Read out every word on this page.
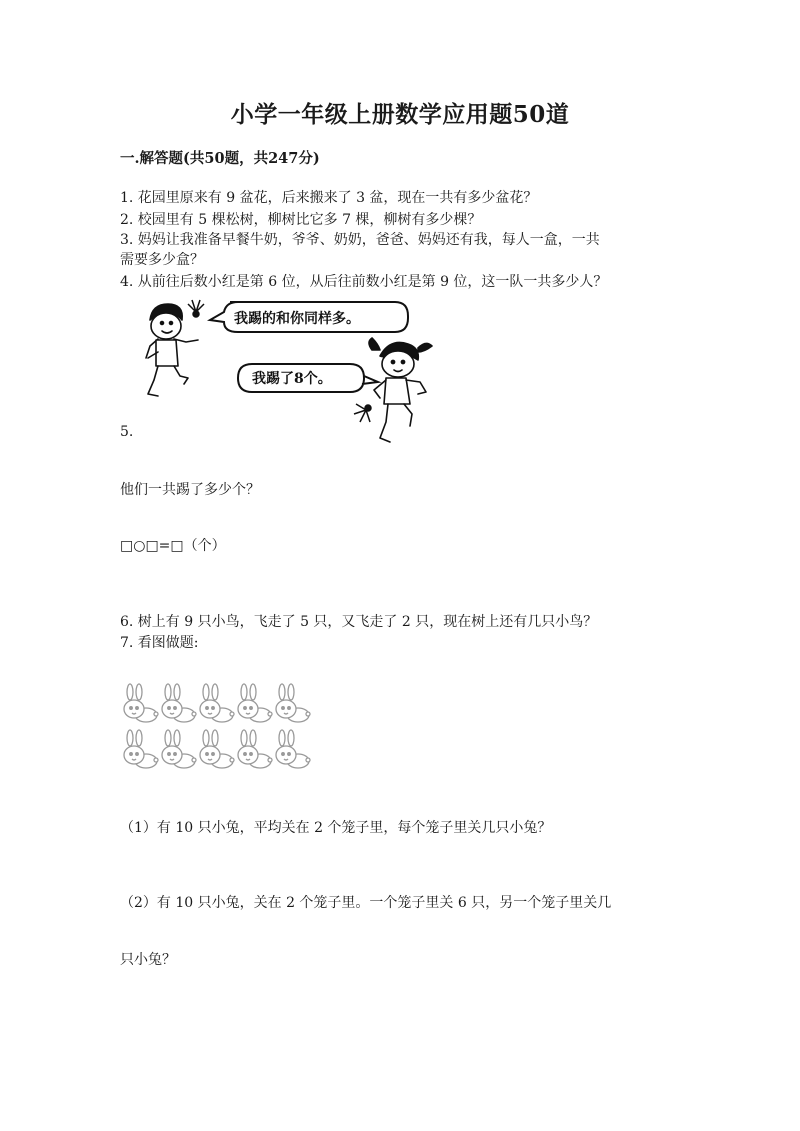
小学一年级上册数学应用题50道
一.解答题(共50题，共247分)
1. 花园里原来有 9 盆花，后来搬来了 3 盆，现在一共有多少盆花？
2. 校园里有 5 棵松树，柳树比它多 7 棵，柳树有多少棵？
3. 妈妈让我准备早餐牛奶，爷爷、奶奶，爸爸、妈妈还有我，每人一盒，一共
需要多少盒？
4. 从前往后数小红是第 6 位，从后往前数小红是第 9 位，这一队一共多少人？
我踢的和你同样多。
我踢了8个。
5.
他们一共踢了多少个？
□○□=□（个）
6. 树上有 9 只小鸟，飞走了 5 只，又飞走了 2 只，现在树上还有几只小鸟？
7. 看图做题:
（1）有 10 只小兔，平均关在 2 个笼子里，每个笼子里关几只小兔？
（2）有 10 只小兔，关在 2 个笼子里。一个笼子里关 6 只，另一个笼子里关几
只小兔？
